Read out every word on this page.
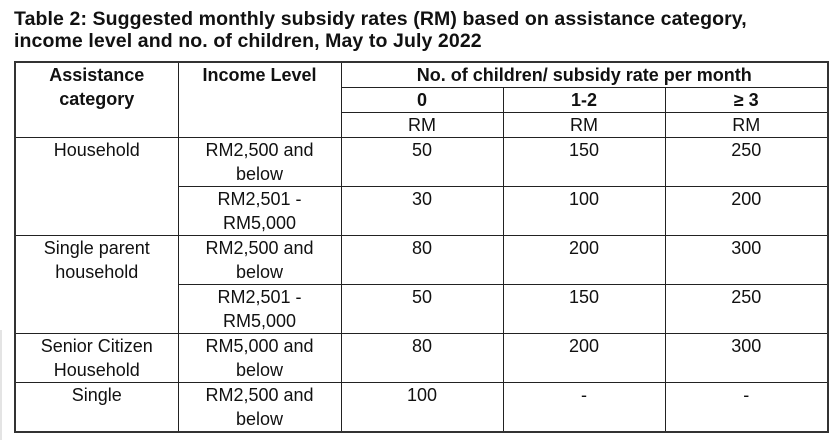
Table 2: Suggested monthly subsidy rates (RM) based on assistance category,
income level and no. of children, May to July 2022
Assistance category	Income Level	No. of children/ subsidy rate per month		
		0	1-2	≥ 3
		RM	RM	RM
Household	RM2,500 and below	50	150	250
	RM2,501 - RM5,000	30	100	200
Single parent household	RM2,500 and below	80	200	300
	RM2,501 - RM5,000	50	150	250
Senior Citizen Household	RM5,000 and below	80	200	300
Single	RM2,500 and below	100	-	-
